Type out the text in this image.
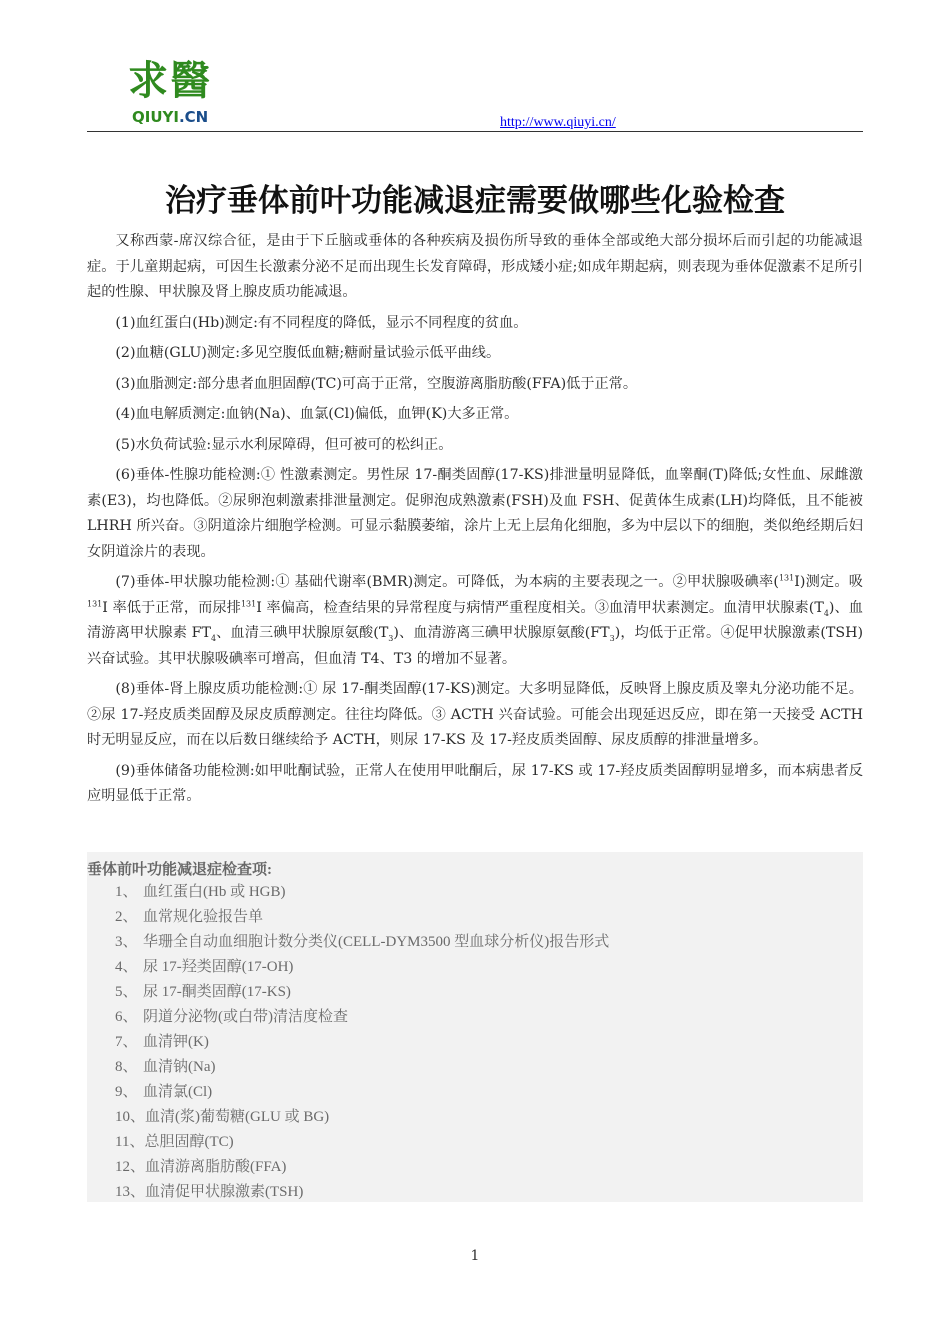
求醫
QIUYI.CN	http://www.qiuyi.cn/
治疗垂体前叶功能减退症需要做哪些化验检查

又称西蒙-席汉综合征，是由于下丘脑或垂体的各种疾病及损伤所导致的垂体全部或绝大部分损坏后而引起的功能减退症。于儿童期起病，可因生长激素分泌不足而出现生长发育障碍，形成矮小症;如成年期起病，则表现为垂体促激素不足所引起的性腺、甲状腺及肾上腺皮质功能减退。

(1)血红蛋白(Hb)测定:有不同程度的降低，显示不同程度的贫血。

(2)血糖(GLU)测定:多见空腹低血糖;糖耐量试验示低平曲线。

(3)血脂测定:部分患者血胆固醇(TC)可高于正常，空腹游离脂肪酸(FFA)低于正常。

(4)血电解质测定:血钠(Na)、血氯(Cl)偏低，血钾(K)大多正常。

(5)水负荷试验:显示水利尿障碍，但可被可的松纠正。

(6)垂体-性腺功能检测:① 性激素测定。男性尿 17-酮类固醇(17-KS)排泄量明显降低，血睾酮(T)降低;女性血、尿雌激素(E3)，均也降低。②尿卵泡刺激素排泄量测定。促卵泡成熟激素(FSH)及血 FSH、促黄体生成素(LH)均降低，且不能被 LHRH 所兴奋。③阴道涂片细胞学检测。可显示黏膜萎缩，涂片上无上层角化细胞，多为中层以下的细胞，类似绝经期后妇女阴道涂片的表现。

(7)垂体-甲状腺功能检测:① 基础代谢率(BMR)测定。可降低，为本病的主要表现之一。②甲状腺吸碘率($^{131}$I)测定。吸$^{131}$I 率低于正常，而尿排$^{131}$I 率偏高，检查结果的异常程度与病情严重程度相关。③血清甲状素测定。血清甲状腺素$(T_4)$、血清游离甲状腺素 $FT_4$、血清三碘甲状腺原氨酸$(T_3)$、血清游离三碘甲状腺原氨酸$(FT_3)$，均低于正常。④促甲状腺激素(TSH)兴奋试验。其甲状腺吸碘率可增高，但血清 T4、T3 的增加不显著。

(8)垂体-肾上腺皮质功能检测:① 尿 17-酮类固醇(17-KS)测定。大多明显降低，反映肾上腺皮质及睾丸分泌功能不足。②尿 17-羟皮质类固醇及尿皮质醇测定。往往均降低。③ ACTH 兴奋试验。可能会出现延迟反应，即在第一天接受 ACTH 时无明显反应，而在以后数日继续给予 ACTH，则尿 17-KS 及 17-羟皮质类固醇、尿皮质醇的排泄量增多。

(9)垂体储备功能检测:如甲吡酮试验，正常人在使用甲吡酮后，尿 17-KS 或 17-羟皮质类固醇明显增多，而本病患者反应明显低于正常。

垂体前叶功能减退症检查项:
1、 血红蛋白(Hb 或 HGB)
2、 血常规化验报告单
3、 华珊全自动血细胞计数分类仪(CELL-DYM3500 型血球分析仪)报告形式
4、 尿 17-羟类固醇(17-OH)
5、 尿 17-酮类固醇(17-KS)
6、 阴道分泌物(或白带)清洁度检查
7、 血清钾(K)
8、 血清钠(Na)
9、 血清氯(Cl)
10、血清(浆)葡萄糖(GLU 或 BG)
11、总胆固醇(TC)
12、血清游离脂肪酸(FFA)
13、血清促甲状腺激素(TSH)
1
